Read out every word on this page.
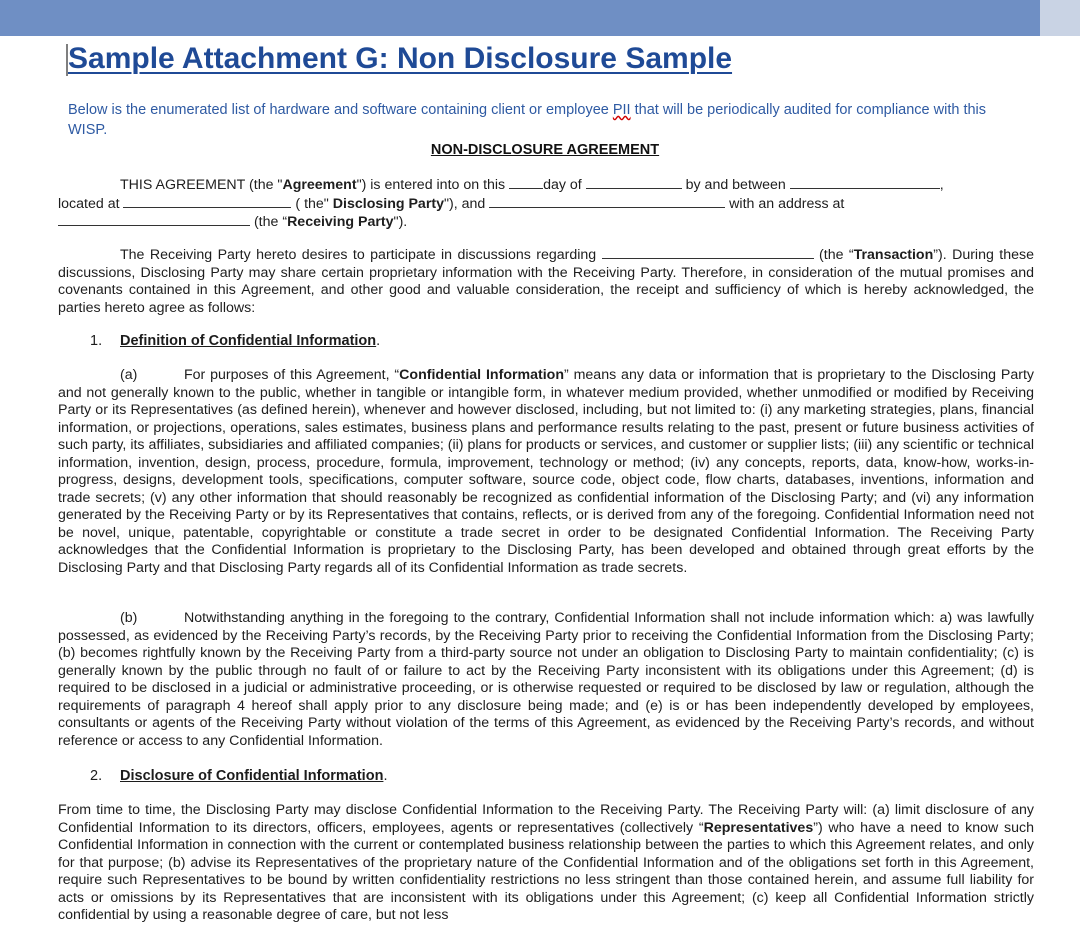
Sample Attachment G: Non Disclosure Sample
Below is the enumerated list of hardware and software containing client or employee PII that will be periodically audited for compliance with this WISP.
NON-DISCLOSURE AGREEMENT
THIS AGREEMENT (the "Agreement") is entered into on this day of	by and between	,
located at	( the" Disclosing Party"), and	with an address at
(the “Receiving Party").
The Receiving Party hereto desires to participate in discussions regarding	(the “Transaction”). During these discussions, Disclosing Party may share certain proprietary information with the Receiving Party. Therefore, in consideration of the mutual promises and covenants contained in this Agreement, and other good and valuable consideration, the receipt and sufficiency of which is hereby acknowledged, the parties hereto agree as follows:
1. Definition of Confidential Information.
(a)	For purposes of this Agreement, “Confidential Information” means any data or information that is proprietary to the Disclosing Party and not generally known to the public, whether in tangible or intangible form, in whatever medium provided, whether unmodified or modified by Receiving Party or its Representatives (as defined herein), whenever and however disclosed, including, but not limited to: (i) any marketing strategies, plans, financial information, or projections, operations, sales estimates, business plans and performance results relating to the past, present or future business activities of such party, its affiliates, subsidiaries and affiliated companies; (ii) plans for products or services, and customer or supplier lists; (iii) any scientific or technical information, invention, design, process, procedure, formula, improvement, technology or method; (iv) any concepts, reports, data, know-how, works-in-progress, designs, development tools, specifications, computer software, source code, object code, flow charts, databases, inventions, information and trade secrets; (v) any other information that should reasonably be recognized as confidential information of the Disclosing Party; and (vi) any information generated by the Receiving Party or by its Representatives that contains, reflects, or is derived from any of the foregoing. Confidential Information need not be novel, unique, patentable, copyrightable or constitute a trade secret in order to be designated Confidential Information. The Receiving Party acknowledges that the Confidential Information is proprietary to the Disclosing Party, has been developed and obtained through great efforts by the Disclosing Party and that Disclosing Party regards all of its Confidential Information as trade secrets.
(b)	Notwithstanding anything in the foregoing to the contrary, Confidential Information shall not include information which: a) was lawfully possessed, as evidenced by the Receiving Party’s records, by the Receiving Party prior to receiving the Confidential Information from the Disclosing Party; (b) becomes rightfully known by the Receiving Party from a third-party source not under an obligation to Disclosing Party to maintain confidentiality; (c) is generally known by the public through no fault of or failure to act by the Receiving Party inconsistent with its obligations under this Agreement; (d) is required to be disclosed in a judicial or administrative proceeding, or is otherwise requested or required to be disclosed by law or regulation, although the requirements of paragraph 4 hereof shall apply prior to any disclosure being made; and (e) is or has been independently developed by employees, consultants or agents of the Receiving Party without violation of the terms of this Agreement, as evidenced by the Receiving Party’s records, and without reference or access to any Confidential Information.
2. Disclosure of Confidential Information.
From time to time, the Disclosing Party may disclose Confidential Information to the Receiving Party. The Receiving Party will: (a) limit disclosure of any Confidential Information to its directors, officers, employees, agents or representatives (collectively “Representatives”) who have a need to know such Confidential Information in connection with the current or contemplated business relationship between the parties to which this Agreement relates, and only for that purpose; (b) advise its Representatives of the proprietary nature of the Confidential Information and of the obligations set forth in this Agreement, require such Representatives to be bound by written confidentiality restrictions no less stringent than those contained herein, and assume full liability for acts or omissions by its Representatives that are inconsistent with its obligations under this Agreement; (c) keep all Confidential Information strictly confidential by using a reasonable degree of care, but not less
